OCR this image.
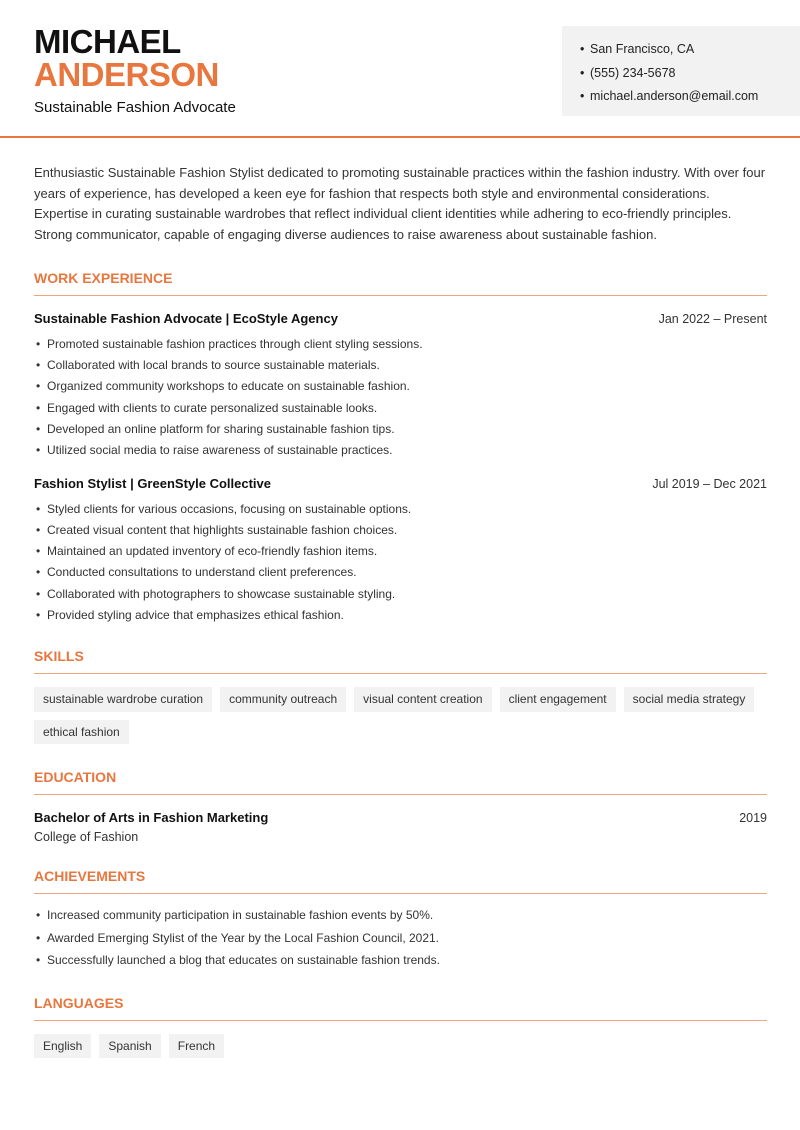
MICHAEL
ANDERSON
Sustainable Fashion Advocate
• San Francisco, CA
• (555) 234-5678
• michael.anderson@email.com

Enthusiastic Sustainable Fashion Stylist dedicated to promoting sustainable practices within the fashion industry. With over four years of experience, has developed a keen eye for fashion that respects both style and environmental considerations. Expertise in curating sustainable wardrobes that reflect individual client identities while adhering to eco-friendly principles. Strong communicator, capable of engaging diverse audiences to raise awareness about sustainable fashion.

WORK EXPERIENCE
Sustainable Fashion Advocate | EcoStyle Agency	Jan 2022 – Present
• Promoted sustainable fashion practices through client styling sessions.
• Collaborated with local brands to source sustainable materials.
• Organized community workshops to educate on sustainable fashion.
• Engaged with clients to curate personalized sustainable looks.
• Developed an online platform for sharing sustainable fashion tips.
• Utilized social media to raise awareness of sustainable practices.
Fashion Stylist | GreenStyle Collective	Jul 2019 – Dec 2021
• Styled clients for various occasions, focusing on sustainable options.
• Created visual content that highlights sustainable fashion choices.
• Maintained an updated inventory of eco-friendly fashion items.
• Conducted consultations to understand client preferences.
• Collaborated with photographers to showcase sustainable styling.
• Provided styling advice that emphasizes ethical fashion.
SKILLS
sustainable wardrobe curation	community outreach	visual content creation	client engagement	social media strategy
ethical fashion
EDUCATION
Bachelor of Arts in Fashion Marketing	2019
College of Fashion
ACHIEVEMENTS
• Increased community participation in sustainable fashion events by 50%.
• Awarded Emerging Stylist of the Year by the Local Fashion Council, 2021.
• Successfully launched a blog that educates on sustainable fashion trends.
LANGUAGES
English	Spanish	French
